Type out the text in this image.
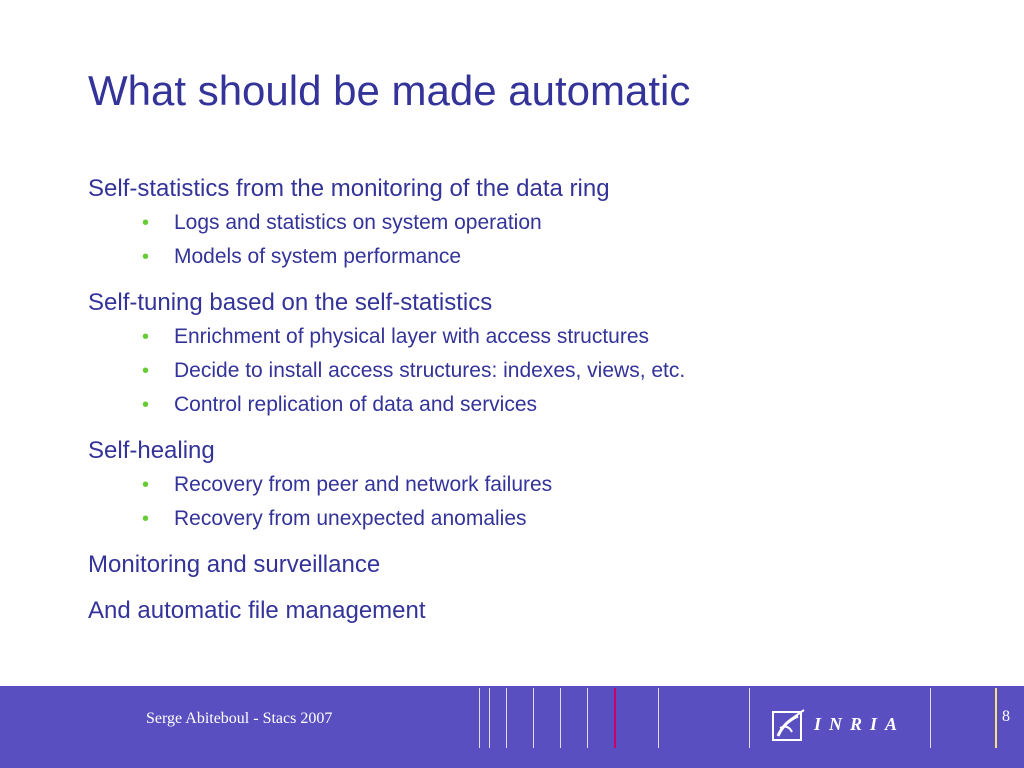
What should be made automatic
Self-statistics from the monitoring of the data ring
• Logs and statistics on system operation
• Models of system performance
Self-tuning based on the self-statistics
• Enrichment of physical layer with access structures
• Decide to install access structures: indexes, views, etc.
• Control replication of data and services
Self-healing
• Recovery from peer and network failures
• Recovery from unexpected anomalies
Monitoring and surveillance
And automatic file management
Serge Abiteboul - Stacs 2007	INRIA	8
